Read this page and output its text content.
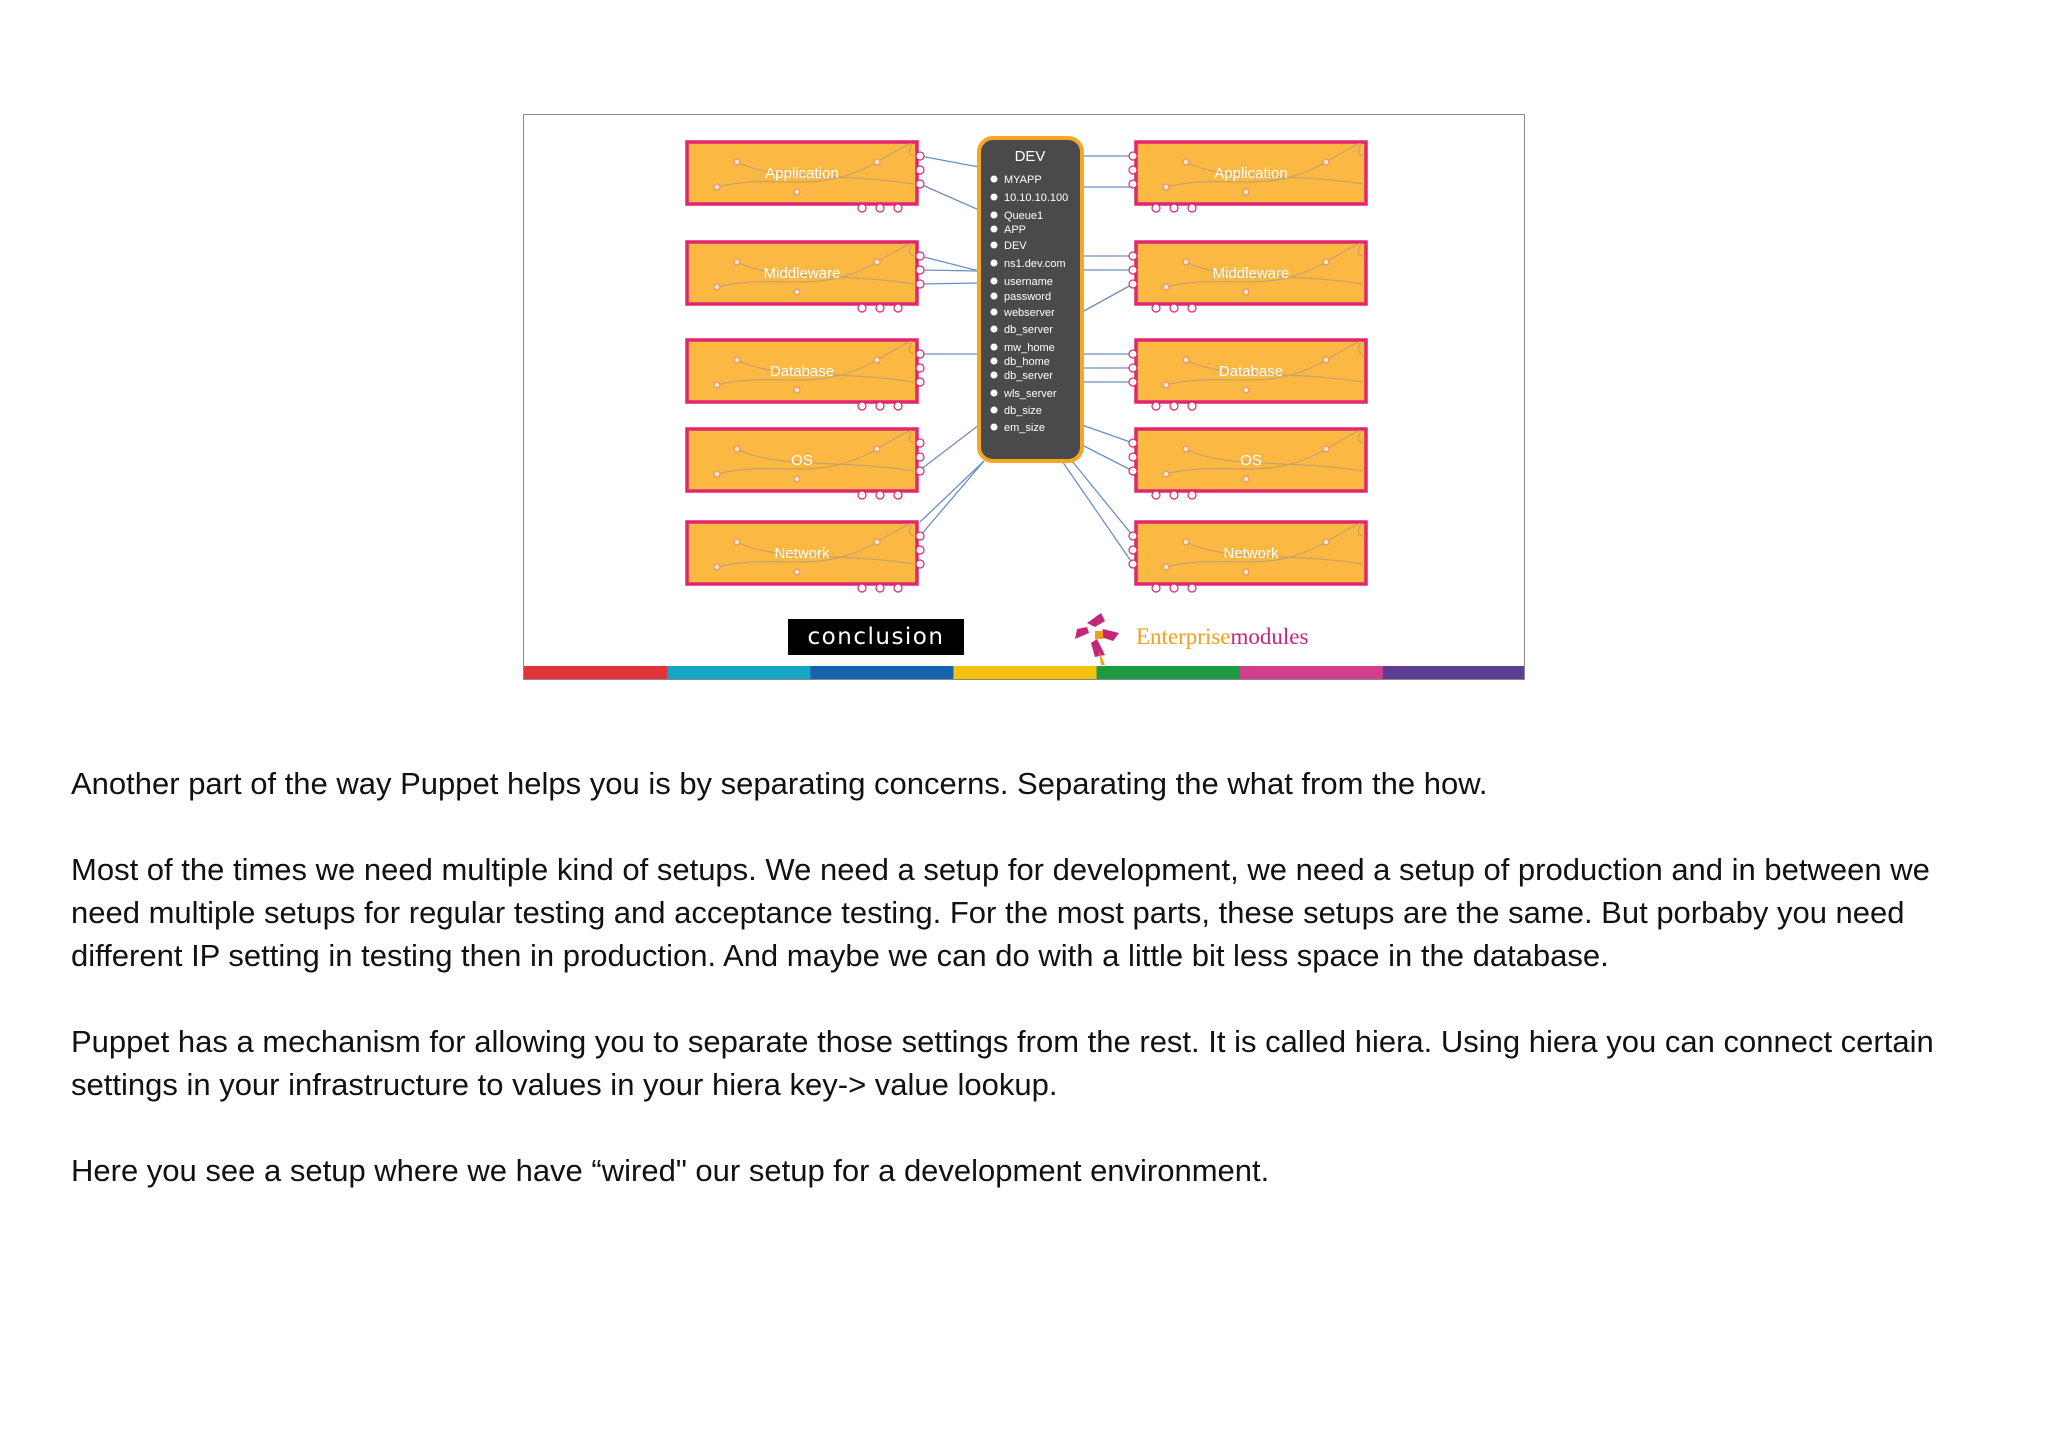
Application
Middleware
Database
OS
Network
Application
Middleware
Database
OS
Network
DEV
MYAPP
10.10.10.100
Queue1
APP
DEV
ns1.dev.com
username
password
webserver
db_server
mw_home
db_home
db_server
wls_server
db_size
em_size
conclusion	Enterprisemodules

Another part of the way Puppet helps you is by separating concerns. Separating the what from the how.

Most of the times we need multiple kind of setups. We need a setup for development, we need a setup of production and in between we need multiple setups for regular testing and acceptance testing. For the most parts, these setups are the same. But porbaby you need different IP setting in testing then in production. And maybe we can do with a little bit less space in the database.

Puppet has a mechanism for allowing you to separate those settings from the rest. It is called hiera. Using hiera you can connect certain settings in your infrastructure to values in your hiera key-> value lookup.

Here you see a setup where we have “wired" our setup for a development environment.
